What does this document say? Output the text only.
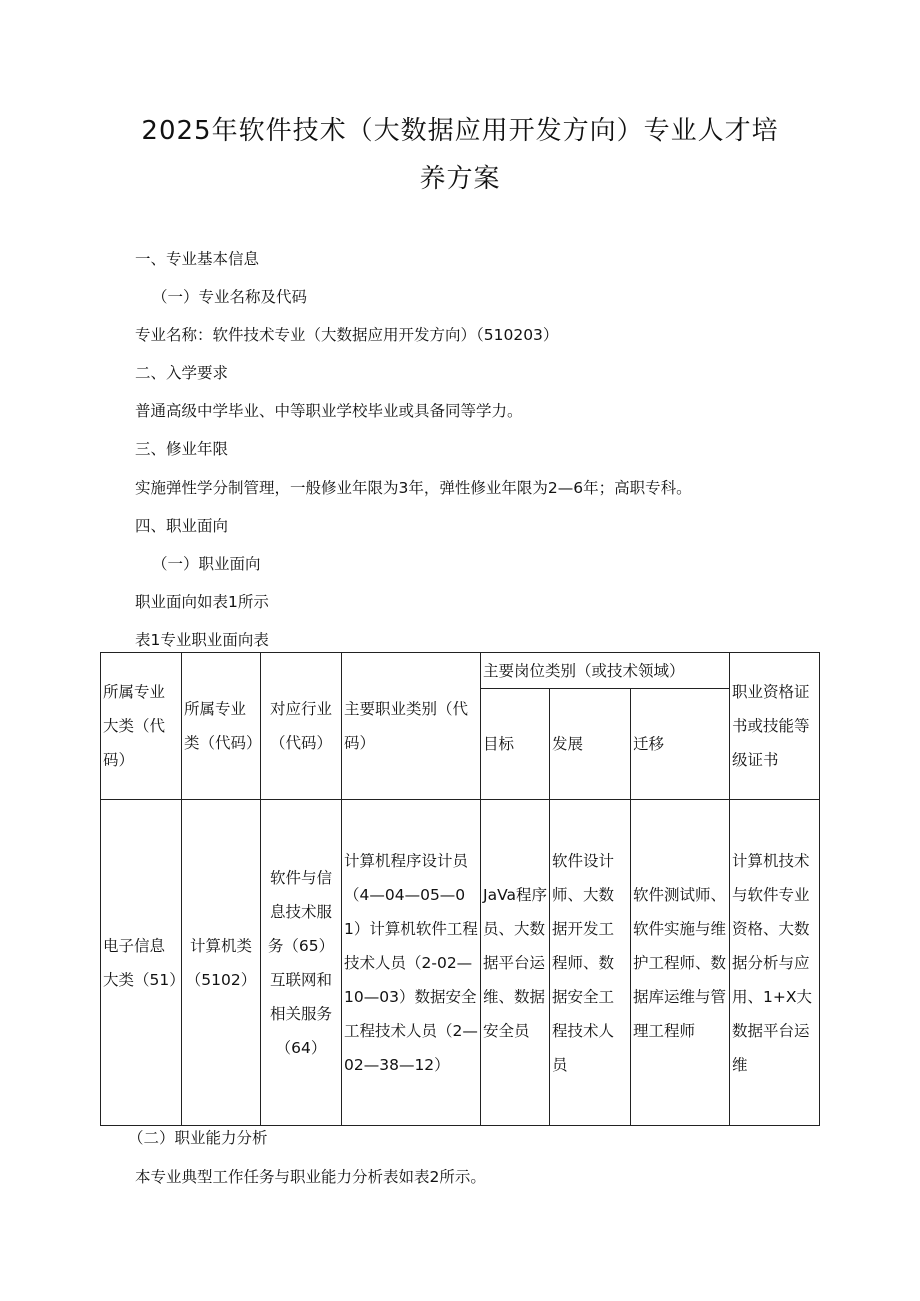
2025年软件技术（大数据应用开发方向）专业人才培
养方案
一、专业基本信息
（一）专业名称及代码
专业名称：软件技术专业（大数据应用开发方向）（510203）
二、入学要求
普通高级中学毕业、中等职业学校毕业或具备同等学力。
三、修业年限
实施弹性学分制管理，一般修业年限为3年，弹性修业年限为2—6年；高职专科。
四、职业面向
（一）职业面向
职业面向如表1所示
表1专业职业面向表
所属专业大类（代码）	所属专业类（代码）	对应行业（代码）	主要职业类别（代码）	主要岗位类别（或技术领域）			职业资格证书或技能等级证书
				目标	发展	迁移	
电子信息大类（51）	计算机类（5102）	软件与信息技术服务（65）互联网和相关服务（64）	计算机程序设计员（4—04—05—01）计算机软件工程技术人员（2-02—10—03）数据安全工程技术人员（2—02—38—12）	JaVa程序员、大数据平台运维、数据安全员	软件设计师、大数据开发工程师、数据安全工程技术人员	软件测试师、软件实施与维护工程师、数据库运维与管理工程师	计算机技术与软件专业资格、大数据分析与应用、1+X大数据平台运维
（二）职业能力分析
本专业典型工作任务与职业能力分析表如表2所示。
